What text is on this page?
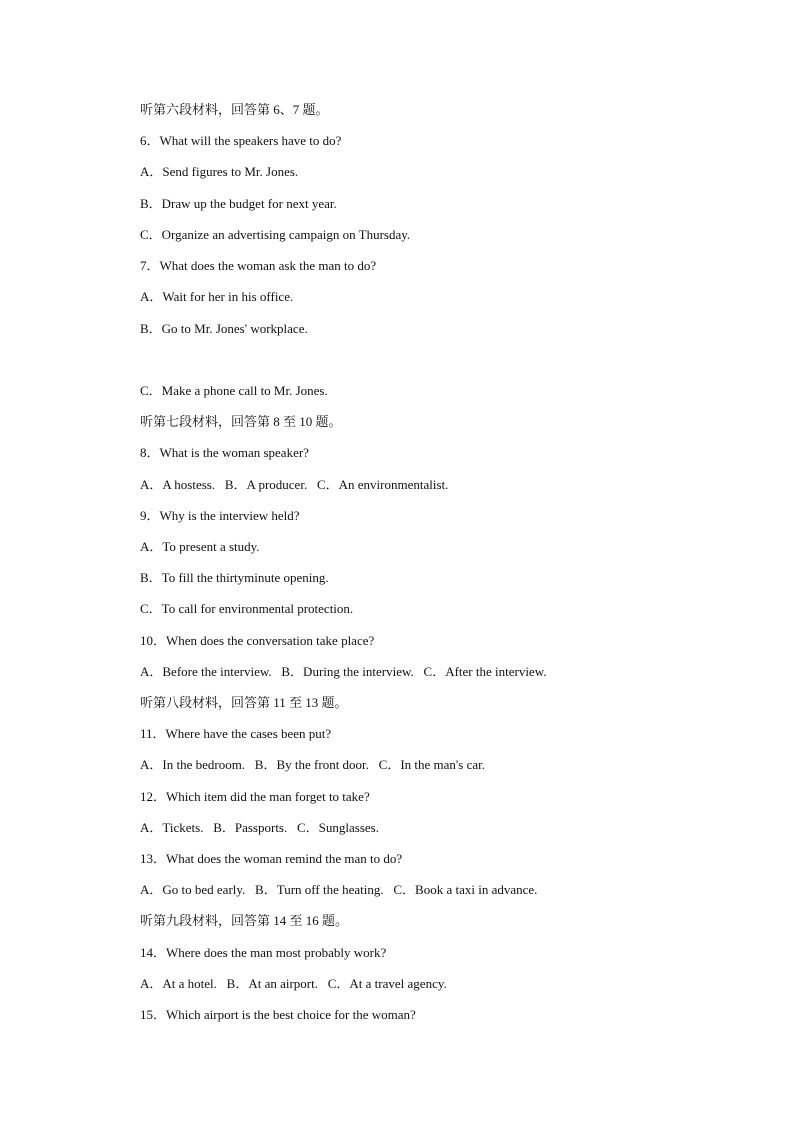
听第六段材料，回答第 6、7 题。
6．What will the speakers have to do?
A．Send figures to Mr. Jones.
B．Draw up the budget for next year.
C．Organize an advertising campaign on Thursday.
7．What does the woman ask the man to do?
A．Wait for her in his office.
B．Go to Mr. Jones' workplace.
C．Make a phone call to Mr. Jones.
听第七段材料，回答第 8 至 10 题。
8．What is the woman speaker?
A．A hostess.   B．A producer.   C．An environmentalist.
9．Why is the interview held?
A．To present a study.
B．To fill the thirtyminute opening.
C．To call for environmental protection.
10．When does the conversation take place?
A．Before the interview.   B．During the interview.   C．After the interview.
听第八段材料，回答第 11 至 13 题。
11．Where have the cases been put?
A．In the bedroom.   B．By the front door.   C．In the man's car.
12．Which item did the man forget to take?
A．Tickets.   B．Passports.   C．Sunglasses.
13．What does the woman remind the man to do?
A．Go to bed early.   B．Turn off the heating.   C．Book a taxi in advance.
听第九段材料，回答第 14 至 16 题。
14．Where does the man most probably work?
A．At a hotel.   B．At an airport.   C．At a travel agency.
15．Which airport is the best choice for the woman?
